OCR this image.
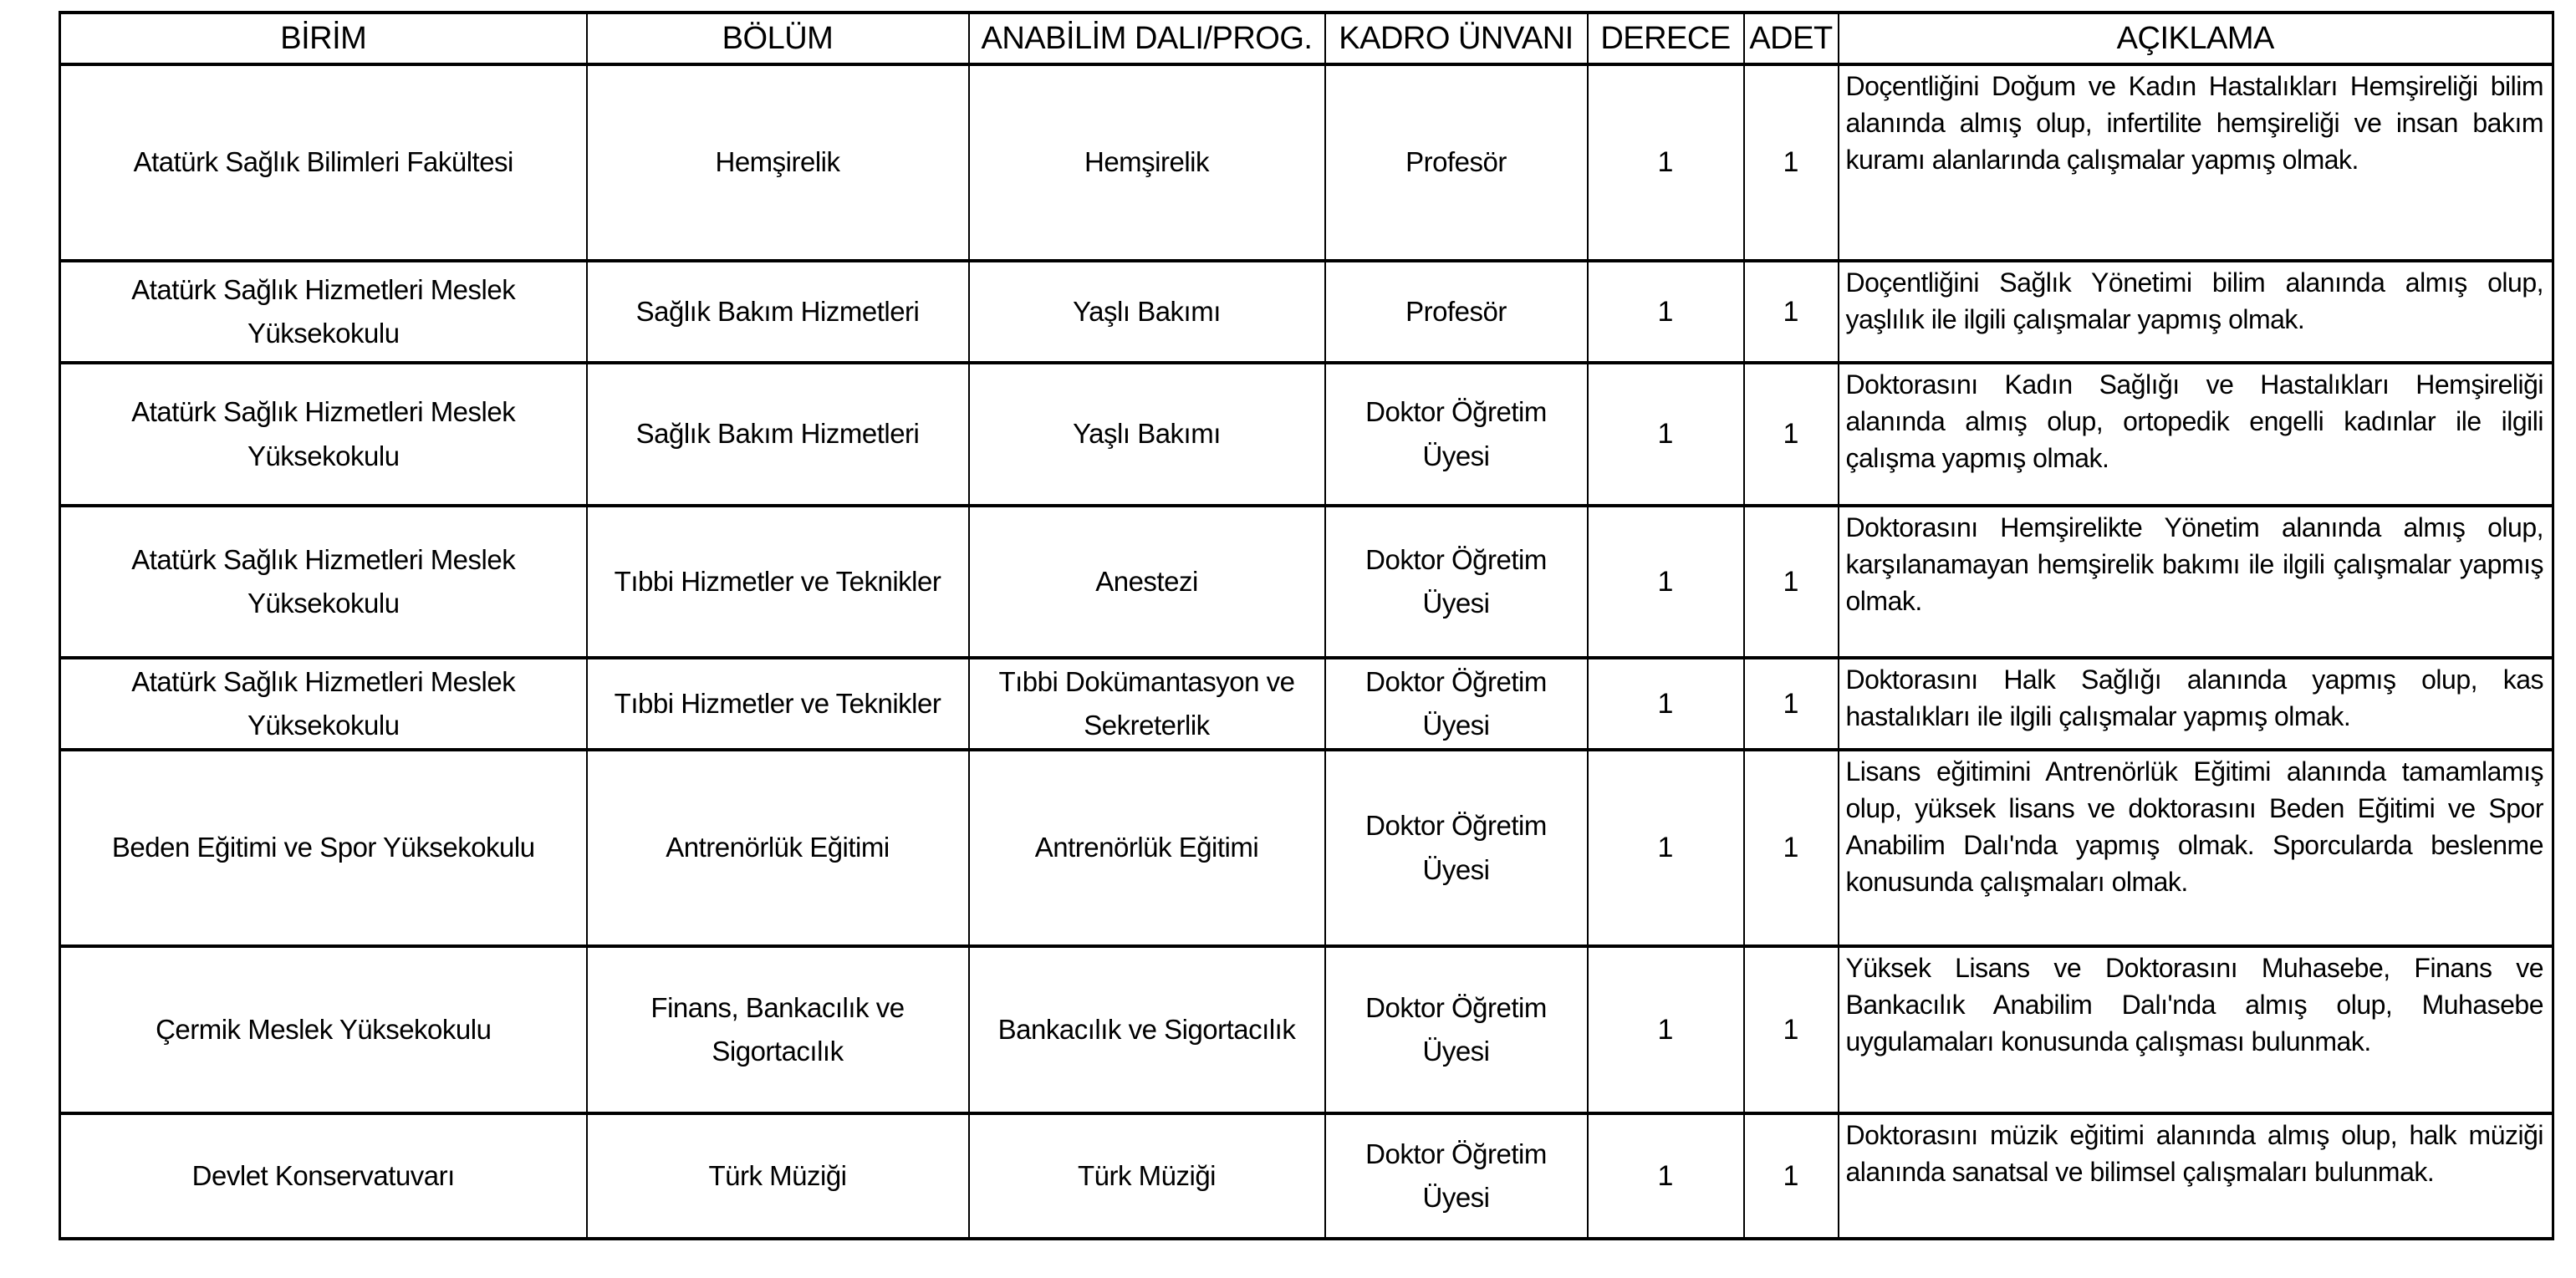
BİRİM	BÖLÜM	ANABİLİM DALI/PROG.	KADRO ÜNVANI	DERECE	ADET	AÇIKLAMA
Atatürk Sağlık Bilimleri Fakültesi	Hemşirelik	Hemşirelik	Profesör	1	1	Doçentliğini Doğum ve Kadın Hastalıkları Hemşireliği bilim alanında almış olup, infertilite hemşireliği ve insan bakım kuramı alanlarında çalışmalar yapmış olmak.
Atatürk Sağlık Hizmetleri Meslek Yüksekokulu	Sağlık Bakım Hizmetleri	Yaşlı Bakımı	Profesör	1	1	Doçentliğini Sağlık Yönetimi bilim alanında almış olup, yaşlılık ile ilgili çalışmalar yapmış olmak.
Atatürk Sağlık Hizmetleri Meslek Yüksekokulu	Sağlık Bakım Hizmetleri	Yaşlı Bakımı	Doktor Öğretim Üyesi	1	1	Doktorasını Kadın Sağlığı ve Hastalıkları Hemşireliği alanında almış olup, ortopedik engelli kadınlar ile ilgili çalışma yapmış olmak.
Atatürk Sağlık Hizmetleri Meslek Yüksekokulu	Tıbbi Hizmetler ve Teknikler	Anestezi	Doktor Öğretim Üyesi	1	1	Doktorasını Hemşirelikte Yönetim alanında almış olup, karşılanamayan hemşirelik bakımı ile ilgili çalışmalar yapmış olmak.
Atatürk Sağlık Hizmetleri Meslek Yüksekokulu	Tıbbi Hizmetler ve Teknikler	Tıbbi Dokümantasyon ve Sekreterlik	Doktor Öğretim Üyesi	1	1	Doktorasını Halk Sağlığı alanında yapmış olup, kas hastalıkları ile ilgili çalışmalar yapmış olmak.
Beden Eğitimi ve Spor Yüksekokulu	Antrenörlük Eğitimi	Antrenörlük Eğitimi	Doktor Öğretim Üyesi	1	1	Lisans eğitimini Antrenörlük Eğitimi alanında tamamlamış olup, yüksek lisans ve doktorasını Beden Eğitimi ve Spor Anabilim Dalı'nda yapmış olmak. Sporcularda beslenme konusunda çalışmaları olmak.
Çermik Meslek Yüksekokulu	Finans, Bankacılık ve Sigortacılık	Bankacılık ve Sigortacılık	Doktor Öğretim Üyesi	1	1	Yüksek Lisans ve Doktorasını Muhasebe, Finans ve Bankacılık Anabilim Dalı'nda almış olup, Muhasebe uygulamaları konusunda çalışması bulunmak.
Devlet Konservatuvarı	Türk Müziği	Türk Müziği	Doktor Öğretim Üyesi	1	1	Doktorasını müzik eğitimi alanında almış olup, halk müziği alanında sanatsal ve bilimsel çalışmaları bulunmak.
